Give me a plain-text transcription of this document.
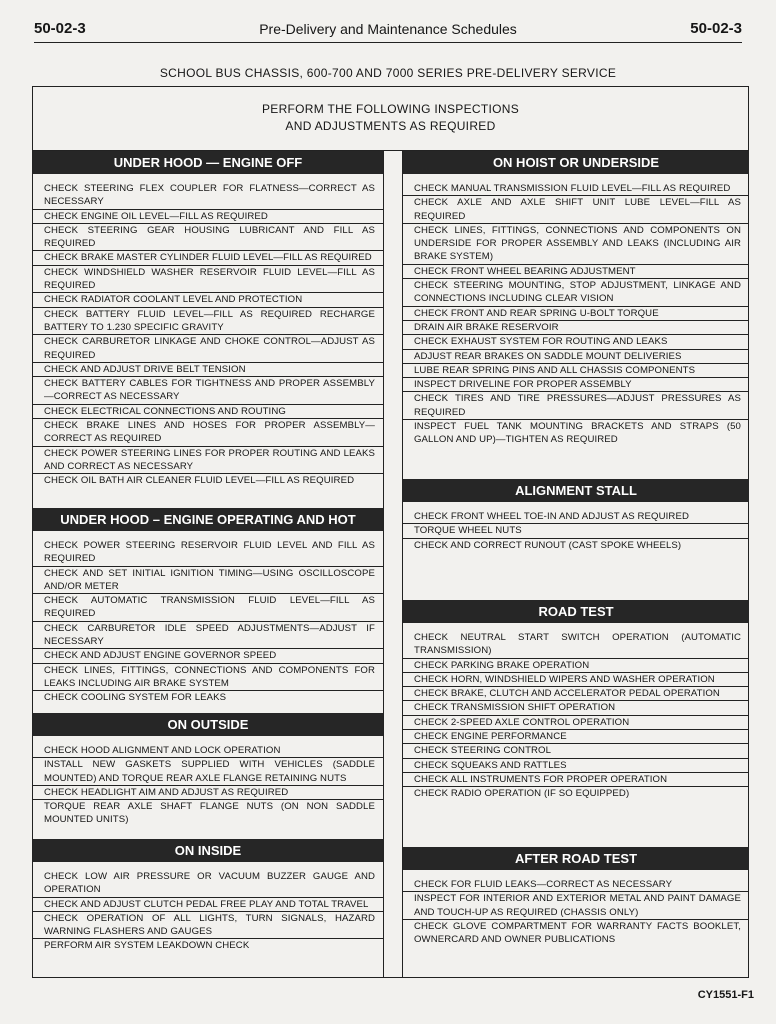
50-02-3	Pre-Delivery and Maintenance Schedules	50-02-3
SCHOOL BUS CHASSIS, 600-700 AND 7000 SERIES PRE-DELIVERY SERVICE
PERFORM THE FOLLOWING INSPECTIONS
AND ADJUSTMENTS AS REQUIRED
UNDER HOOD — ENGINE OFF
CHECK STEERING FLEX COUPLER FOR FLATNESS—CORRECT AS NECESSARY
CHECK ENGINE OIL LEVEL—FILL AS REQUIRED
CHECK STEERING GEAR HOUSING LUBRICANT AND FILL AS REQUIRED
CHECK BRAKE MASTER CYLINDER FLUID LEVEL—FILL AS REQUIRED
CHECK WINDSHIELD WASHER RESERVOIR FLUID LEVEL—FILL AS REQUIRED
CHECK RADIATOR COOLANT LEVEL AND PROTECTION
CHECK BATTERY FLUID LEVEL—FILL AS REQUIRED RECHARGE BATTERY TO 1.230 SPECIFIC GRAVITY
CHECK CARBURETOR LINKAGE AND CHOKE CONTROL—ADJUST AS REQUIRED
CHECK AND ADJUST DRIVE BELT TENSION
CHECK BATTERY CABLES FOR TIGHTNESS AND PROPER ASSEMBLY—CORRECT AS NECESSARY
CHECK ELECTRICAL CONNECTIONS AND ROUTING
CHECK BRAKE LINES AND HOSES FOR PROPER ASSEMBLY—CORRECT AS REQUIRED
CHECK POWER STEERING LINES FOR PROPER ROUTING AND LEAKS AND CORRECT AS NECESSARY
CHECK OIL BATH AIR CLEANER FLUID LEVEL—FILL AS REQUIRED
UNDER HOOD – ENGINE OPERATING AND HOT
CHECK POWER STEERING RESERVOIR FLUID LEVEL AND FILL AS REQUIRED
CHECK AND SET INITIAL IGNITION TIMING—USING OSCILLOSCOPE AND/OR METER
CHECK AUTOMATIC TRANSMISSION FLUID LEVEL—FILL AS REQUIRED
CHECK CARBURETOR IDLE SPEED ADJUSTMENTS—ADJUST IF NECESSARY
CHECK AND ADJUST ENGINE GOVERNOR SPEED
CHECK LINES, FITTINGS, CONNECTIONS AND COMPONENTS FOR LEAKS INCLUDING AIR BRAKE SYSTEM
CHECK COOLING SYSTEM FOR LEAKS
ON OUTSIDE
CHECK HOOD ALIGNMENT AND LOCK OPERATION
INSTALL NEW GASKETS SUPPLIED WITH VEHICLES (SADDLE MOUNTED) AND TORQUE REAR AXLE FLANGE RETAINING NUTS
CHECK HEADLIGHT AIM AND ADJUST AS REQUIRED
TORQUE REAR AXLE SHAFT FLANGE NUTS (ON NON SADDLE MOUNTED UNITS)
ON INSIDE
CHECK LOW AIR PRESSURE OR VACUUM BUZZER GAUGE AND OPERATION
CHECK AND ADJUST CLUTCH PEDAL FREE PLAY AND TOTAL TRAVEL
CHECK OPERATION OF ALL LIGHTS, TURN SIGNALS, HAZARD WARNING FLASHERS AND GAUGES
PERFORM AIR SYSTEM LEAKDOWN CHECK
ON HOIST OR UNDERSIDE
CHECK MANUAL TRANSMISSION FLUID LEVEL—FILL AS REQUIRED
CHECK AXLE AND AXLE SHIFT UNIT LUBE LEVEL—FILL AS REQUIRED
CHECK LINES, FITTINGS, CONNECTIONS AND COMPONENTS ON UNDERSIDE FOR PROPER ASSEMBLY AND LEAKS (INCLUDING AIR BRAKE SYSTEM)
CHECK FRONT WHEEL BEARING ADJUSTMENT
CHECK STEERING MOUNTING, STOP ADJUSTMENT, LINKAGE AND CONNECTIONS INCLUDING CLEAR VISION
CHECK FRONT AND REAR SPRING U-BOLT TORQUE
DRAIN AIR BRAKE RESERVOIR
CHECK EXHAUST SYSTEM FOR ROUTING AND LEAKS
ADJUST REAR BRAKES ON SADDLE MOUNT DELIVERIES
LUBE REAR SPRING PINS AND ALL CHASSIS COMPONENTS
INSPECT DRIVELINE FOR PROPER ASSEMBLY
CHECK TIRES AND TIRE PRESSURES—ADJUST PRESSURES AS REQUIRED
INSPECT FUEL TANK MOUNTING BRACKETS AND STRAPS (50 GALLON AND UP)—TIGHTEN AS REQUIRED
ALIGNMENT STALL
CHECK FRONT WHEEL TOE-IN AND ADJUST AS REQUIRED
TORQUE WHEEL NUTS
CHECK AND CORRECT RUNOUT (CAST SPOKE WHEELS)
ROAD TEST
CHECK NEUTRAL START SWITCH OPERATION (AUTOMATIC TRANSMISSION)
CHECK PARKING BRAKE OPERATION
CHECK HORN, WINDSHIELD WIPERS AND WASHER OPERATION
CHECK BRAKE, CLUTCH AND ACCELERATOR PEDAL OPERATION
CHECK TRANSMISSION SHIFT OPERATION
CHECK 2-SPEED AXLE CONTROL OPERATION
CHECK ENGINE PERFORMANCE
CHECK STEERING CONTROL
CHECK SQUEAKS AND RATTLES
CHECK ALL INSTRUMENTS FOR PROPER OPERATION
CHECK RADIO OPERATION (IF SO EQUIPPED)
AFTER ROAD TEST
CHECK FOR FLUID LEAKS—CORRECT AS NECESSARY
INSPECT FOR INTERIOR AND EXTERIOR METAL AND PAINT DAMAGE AND TOUCH-UP AS REQUIRED (CHASSIS ONLY)
CHECK GLOVE COMPARTMENT FOR WARRANTY FACTS BOOKLET, OWNERCARD AND OWNER PUBLICATIONS
CY1551-F1
